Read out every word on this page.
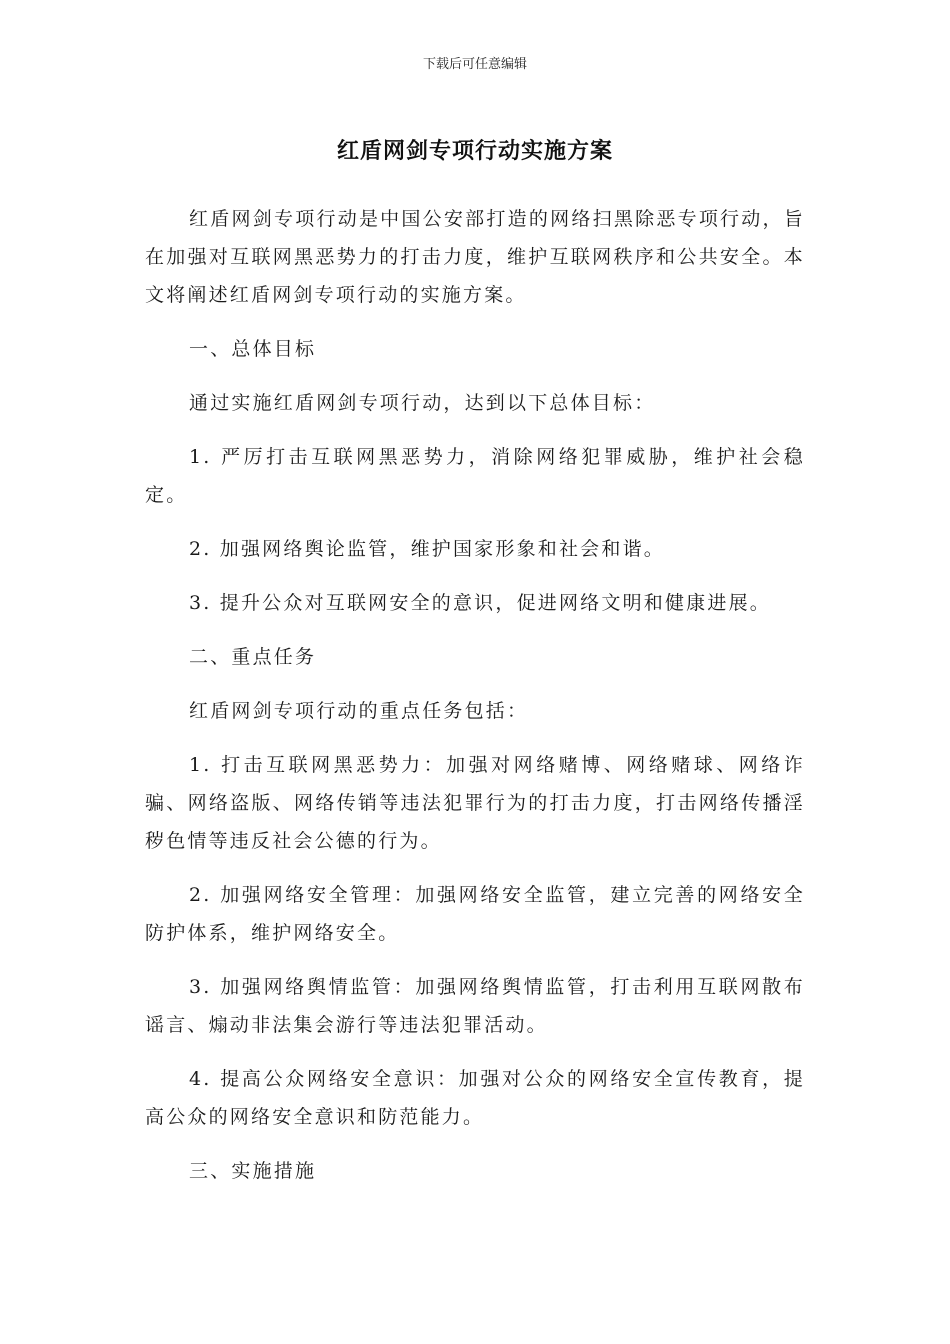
下载后可任意编辑
红盾网剑专项行动实施方案

红盾网剑专项行动是中国公安部打造的网络扫黑除恶专项行动，旨在加强对互联网黑恶势力的打击力度，维护互联网秩序和公共安全。本文将阐述红盾网剑专项行动的实施方案。

一、总体目标

通过实施红盾网剑专项行动，达到以下总体目标：

1. 严厉打击互联网黑恶势力，消除网络犯罪威胁，维护社会稳定。

2. 加强网络舆论监管，维护国家形象和社会和谐。

3. 提升公众对互联网安全的意识，促进网络文明和健康进展。

二、重点任务

红盾网剑专项行动的重点任务包括：

1. 打击互联网黑恶势力：加强对网络赌博、网络赌球、网络诈骗、网络盗版、网络传销等违法犯罪行为的打击力度，打击网络传播淫秽色情等违反社会公德的行为。

2. 加强网络安全管理：加强网络安全监管，建立完善的网络安全防护体系，维护网络安全。

3. 加强网络舆情监管：加强网络舆情监管，打击利用互联网散布谣言、煽动非法集会游行等违法犯罪活动。

4. 提高公众网络安全意识：加强对公众的网络安全宣传教育，提高公众的网络安全意识和防范能力。

三、实施措施
